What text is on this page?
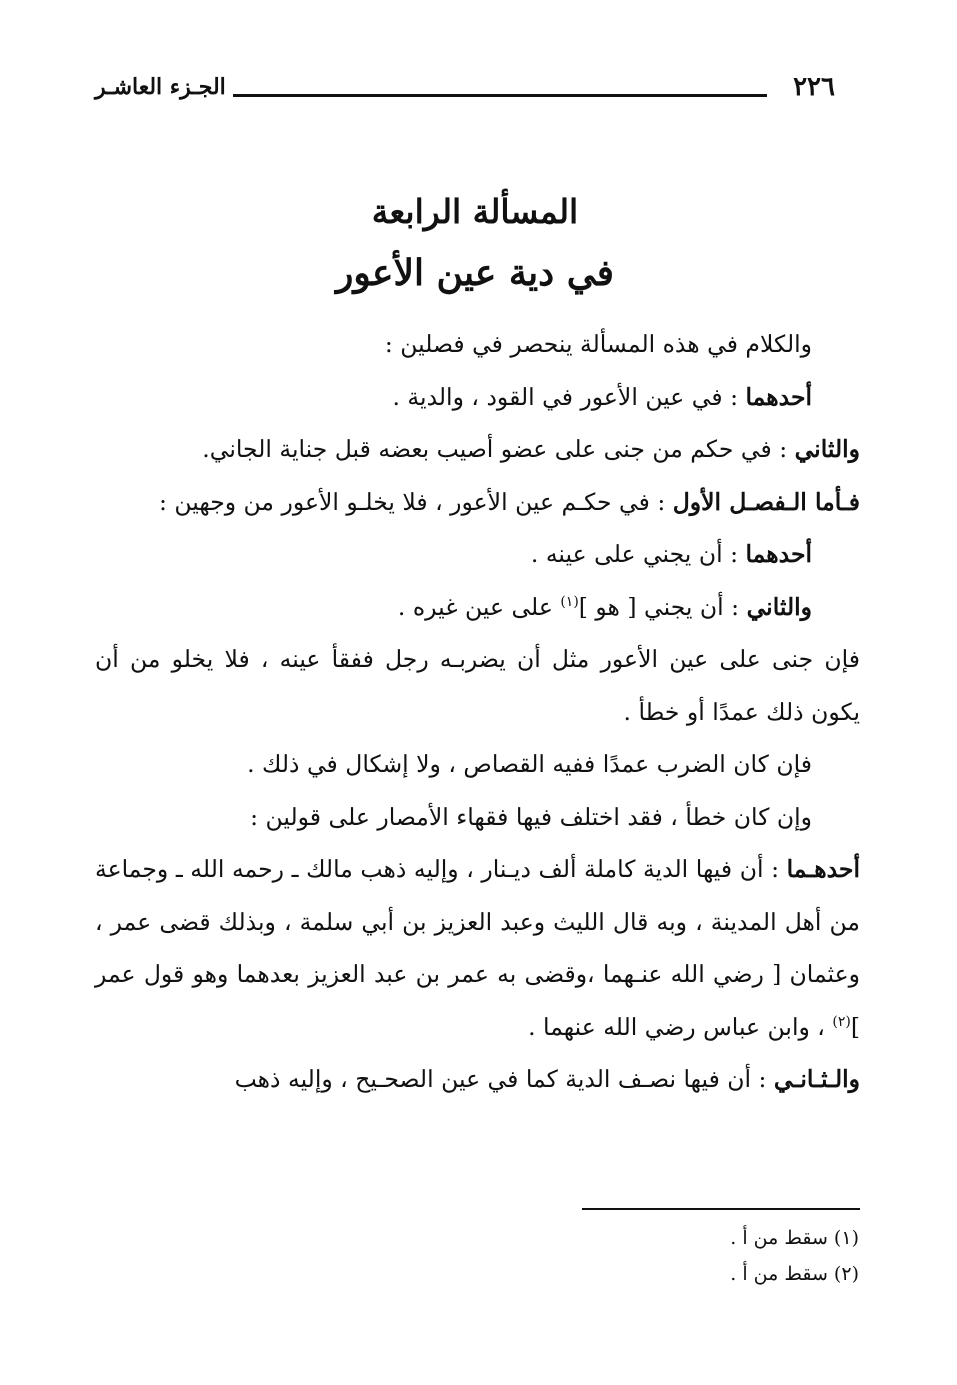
٢٢٦
الجـزء العاشـر
المسألة الرابعة
في دية عين الأعور

والكلام في هذه المسألة ينحصر في فصلين :

أحدهما : في عين الأعور في القود ، والدية .

والثاني : في حكم من جنى على عضو أصيب بعضه قبل جناية الجاني.

فـأما الـفصـل الأول : في حكـم عين الأعور ، فلا يخلـو الأعور من وجهين :

أحدهما : أن يجني على عينه .

والثاني : أن يجني [ هو ]$^{(١)}$ على عين غيره .

فإن جنى على عين الأعور مثل أن يضربـه رجل ففقأ عينه ، فلا يخلو من أن يكون ذلك عمدًا أو خطأ .

فإن كان الضرب عمدًا ففيه القصاص ، ولا إشكال في ذلك .

وإن كان خطأ ، فقد اختلف فيها فقهاء الأمصار على قولين :

أحدهـما : أن فيها الدية كاملة ألف ديـنار ، وإليه ذهب مالك ـ رحمه الله ـ وجماعة من أهل المدينة ، وبه قال الليث وعبد العزيز بن أبي سلمة ، وبذلك قضى عمر ، وعثمان [ رضي الله عنـهما ،وقضى به عمر بن عبد العزيز بعدهما وهو قول عمر ]$^{(٢)}$ ، وابن عباس رضي الله عنهما .

والـثـانـي : أن فيها نصـف الدية كما في عين الصحـيح ، وإليه ذهب

(١) سقط من أ .

(٢) سقط من أ .
